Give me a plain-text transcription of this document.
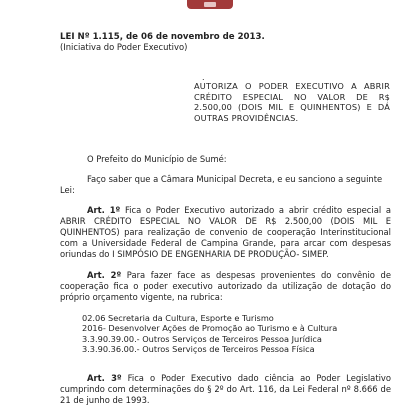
LEI Nº 1.115, de 06 de novembro de 2013.
(Iniciativa do Poder Executivo)
.
AUTORIZA O PODER EXECUTIVO A ABRIR CRÉDITO ESPECIAL NO VALOR DE R$ 2.500,00 (DOIS MIL E QUINHENTOS) E DÁ OUTRAS PROVIDÊNCIAS.
O Prefeito do Município de Sumé:
Faço saber que a Câmara Municipal Decreta, e eu sanciono a seguinte Lei:
Art. 1º Fica o Poder Executivo autorizado a abrir crédito especial a ABRIR CRÉDITO ESPECIAL NO VALOR DE R$ 2.500,00 (DOIS MIL E QUINHENTOS) para realização de convenio de cooperação Interinstitucional com a Universidade Federal de Campina Grande, para arcar com despesas oriundas do I SIMPÓSIO DE ENGENHARIA DE PRODUÇÃO- SIMEP.
Art. 2º Para fazer face as despesas provenientes do convênio de cooperação fica o poder executivo autorizado da utilização de dotação do próprio orçamento vigente, na rubrica:
02.06 Secretaria da Cultura, Esporte e Turismo
2016- Desenvolver Ações de Promoção ao Turismo e à Cultura
3.3.90.39.00.- Outros Serviços de Terceiros Pessoa Jurídica
3.3.90.36.00.- Outros Serviços de Terceiros Pessoa Física
Art. 3º Fica o Poder Executivo dado ciência ao Poder Legislativo cumprindo com determinações do § 2º do Art. 116, da Lei Federal nº 8.666 de 21 de junho de 1993.
